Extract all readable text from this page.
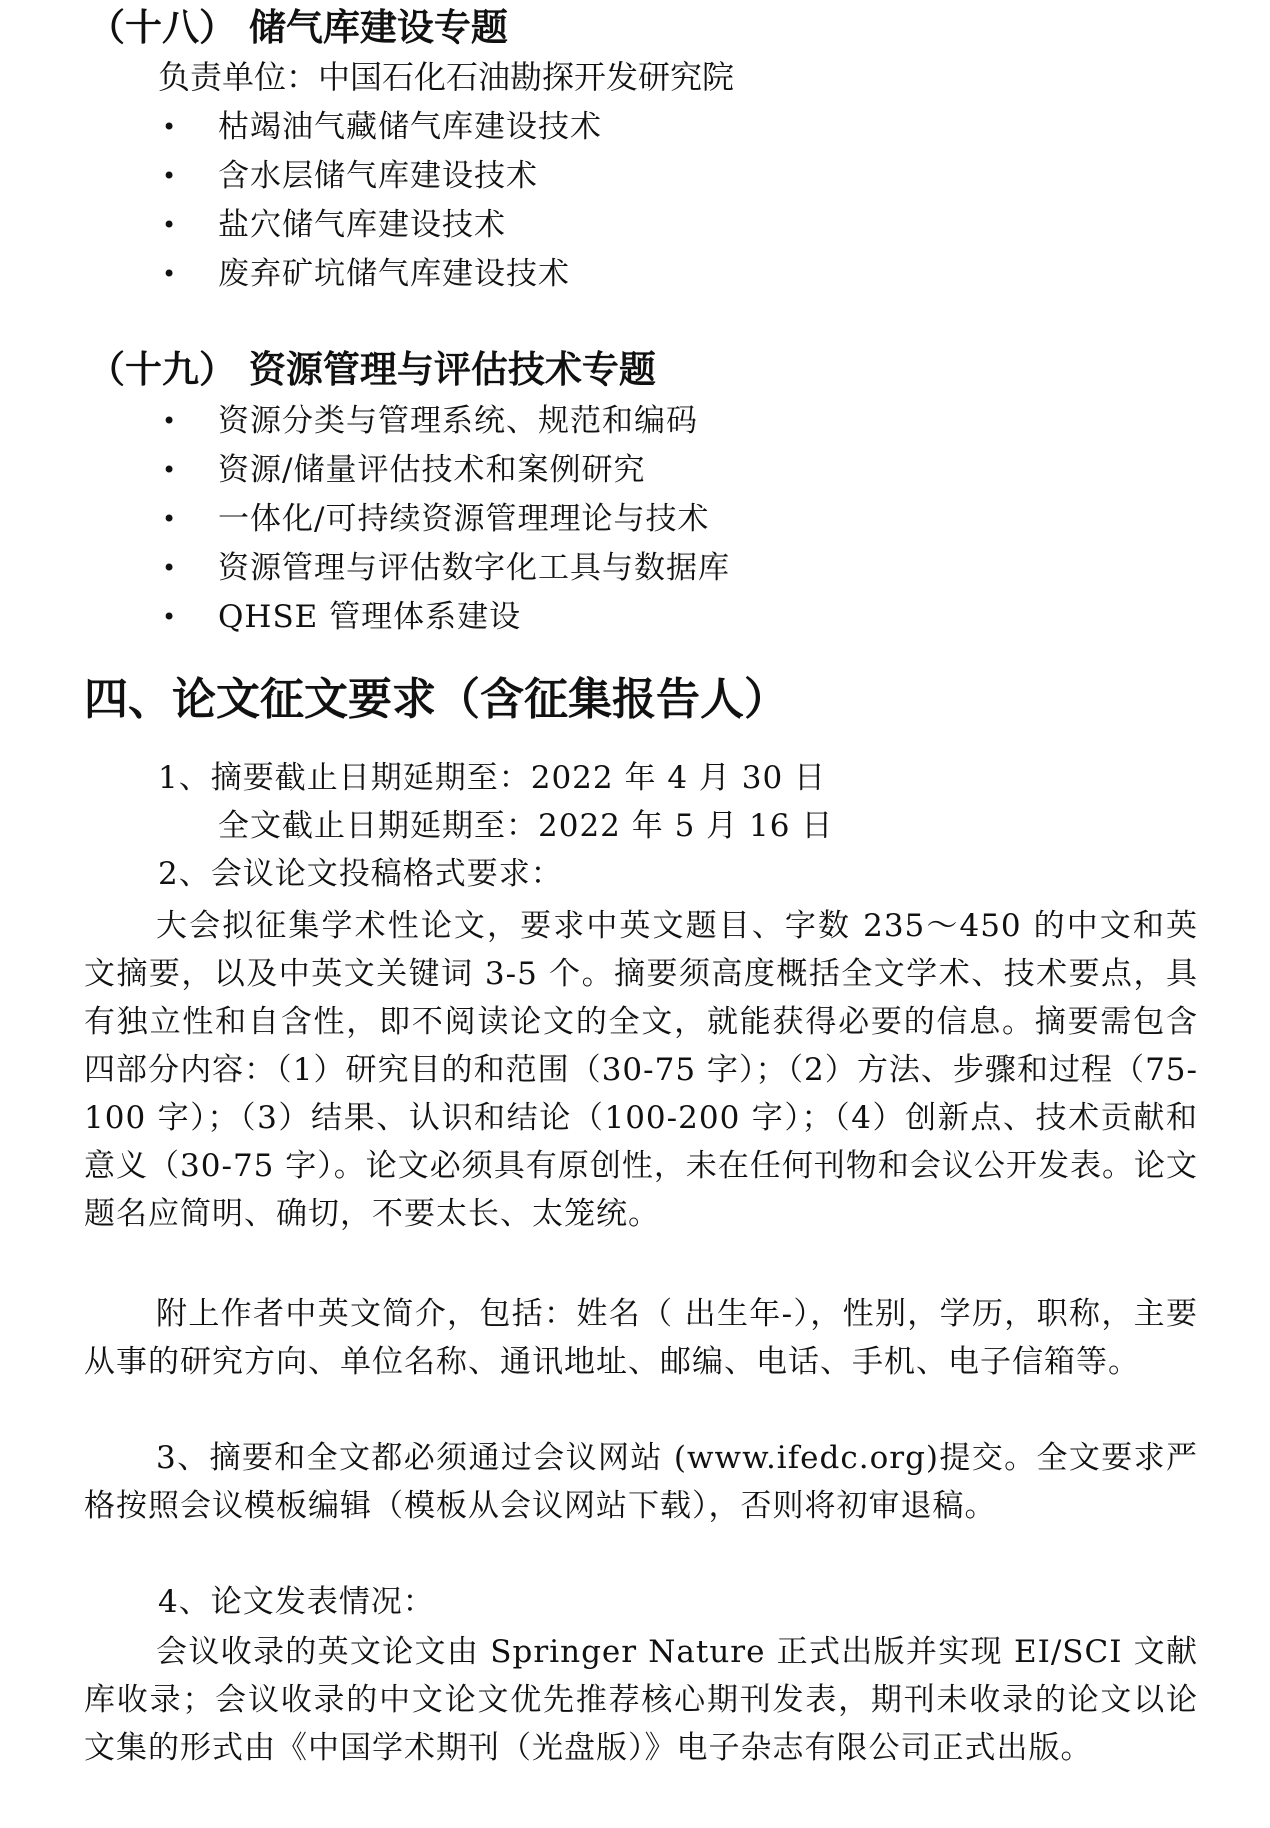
（十八） 储气库建设专题
负责单位：中国石化石油勘探开发研究院
• 枯竭油气藏储气库建设技术
• 含水层储气库建设技术
• 盐穴储气库建设技术
• 废弃矿坑储气库建设技术
（十九） 资源管理与评估技术专题
• 资源分类与管理系统、规范和编码
• 资源/储量评估技术和案例研究
• 一体化/可持续资源管理理论与技术
• 资源管理与评估数字化工具与数据库
• QHSE 管理体系建设
四、论文征文要求（含征集报告人）
1、摘要截止日期延期至：2022 年 4 月 30 日
全文截止日期延期至：2022 年 5 月 16 日
2、会议论文投稿格式要求：

大会拟征集学术性论文，要求中英文题目、字数 235～450 的中文和英文摘要，以及中英文关键词 3-5 个。摘要须高度概括全文学术、技术要点，具有独立性和自含性，即不阅读论文的全文，就能获得必要的信息。摘要需包含四部分内容：（1）研究目的和范围（30-75 字）；（2）方法、步骤和过程（75-100 字）；（3）结果、认识和结论（100-200 字）；（4）创新点、技术贡献和意义（30-75 字）。论文必须具有原创性，未在任何刊物和会议公开发表。论文题名应简明、确切，不要太长、太笼统。

附上作者中英文简介，包括：姓名（ 出生年-），性别，学历，职称，主要从事的研究方向、单位名称、通讯地址、邮编、电话、手机、电子信箱等。

3、摘要和全文都必须通过会议网站 (www.ifedc.org)提交。全文要求严格按照会议模板编辑（模板从会议网站下载），否则将初审退稿。

4、论文发表情况：

会议收录的英文论文由 Springer Nature 正式出版并实现 EI/SCI 文献库收录；会议收录的中文论文优先推荐核心期刊发表，期刊未收录的论文以论文集的形式由《中国学术期刊（光盘版）》电子杂志有限公司正式出版。
